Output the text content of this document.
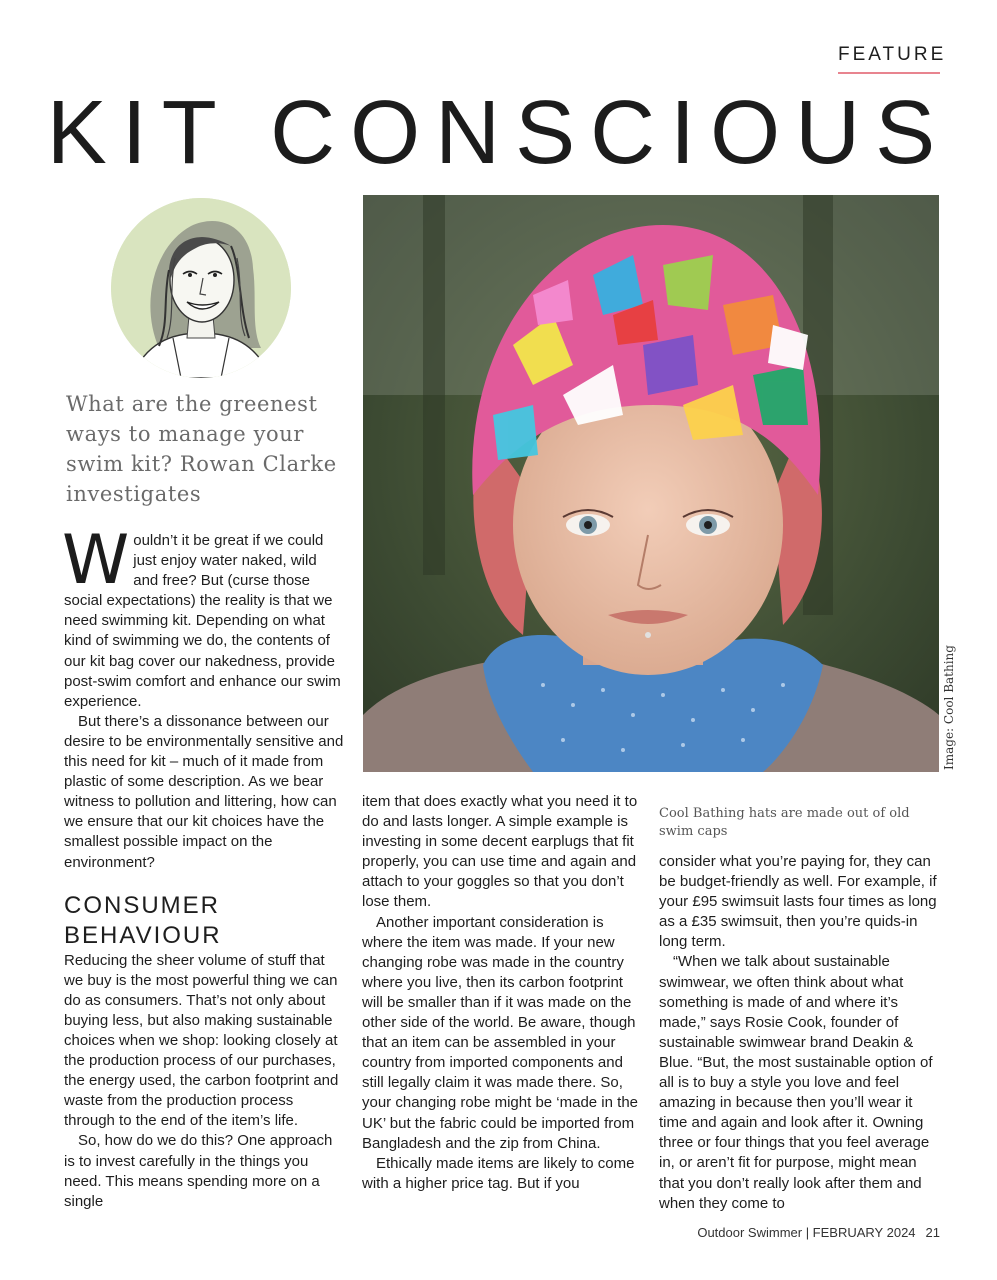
FEATURE
KIT CONSCIOUS
What are the greenest ways to manage your swim kit? Rowan Clarke investigates

Wouldn’t it be great if we could just enjoy water naked, wild and free? But (curse those social expectations) the reality is that we need swimming kit. Depending on what kind of swimming we do, the contents of our kit bag cover our nakedness, provide post-swim comfort and enhance our swim experience.

But there’s a dissonance between our desire to be environmentally sensitive and this need for kit – much of it made from plastic of some description. As we bear witness to pollution and littering, how can we ensure that our kit choices have the smallest possible impact on the environment?

CONSUMER BEHAVIOUR

Reducing the sheer volume of stuff that we buy is the most powerful thing we can do as consumers. That’s not only about buying less, but also making sustainable choices when we shop: looking closely at the production process of our purchases, the energy used, the carbon footprint and waste from the production process through to the end of the item’s life.

So, how do we do this? One approach is to invest carefully in the things you need. This means spending more on a single

Image: Cool Bathing
Cool Bathing hats are made out of old swim caps

item that does exactly what you need it to do and lasts longer. A simple example is investing in some decent earplugs that fit properly, you can use time and again and attach to your goggles so that you don’t lose them.

Another important consideration is where the item was made. If your new changing robe was made in the country where you live, then its carbon footprint will be smaller than if it was made on the other side of the world. Be aware, though that an item can be assembled in your country from imported components and still legally claim it was made there. So, your changing robe might be ‘made in the UK’ but the fabric could be imported from Bangladesh and the zip from China.

Ethically made items are likely to come with a higher price tag. But if you

consider what you’re paying for, they can be budget-friendly as well. For example, if your £95 swimsuit lasts four times as long as a £35 swimsuit, then you’re quids-in long term.

“When we talk about sustainable swimwear, we often think about what something is made of and where it’s made,” says Rosie Cook, founder of sustainable swimwear brand Deakin & Blue. “But, the most sustainable option of all is to buy a style you love and feel amazing in because then you’ll wear it time and again and look after it. Owning three or four things that you feel average in, or aren’t fit for purpose, might mean that you don’t really look after them and when they come to

Outdoor Swimmer | FEBRUARY 2024 21
